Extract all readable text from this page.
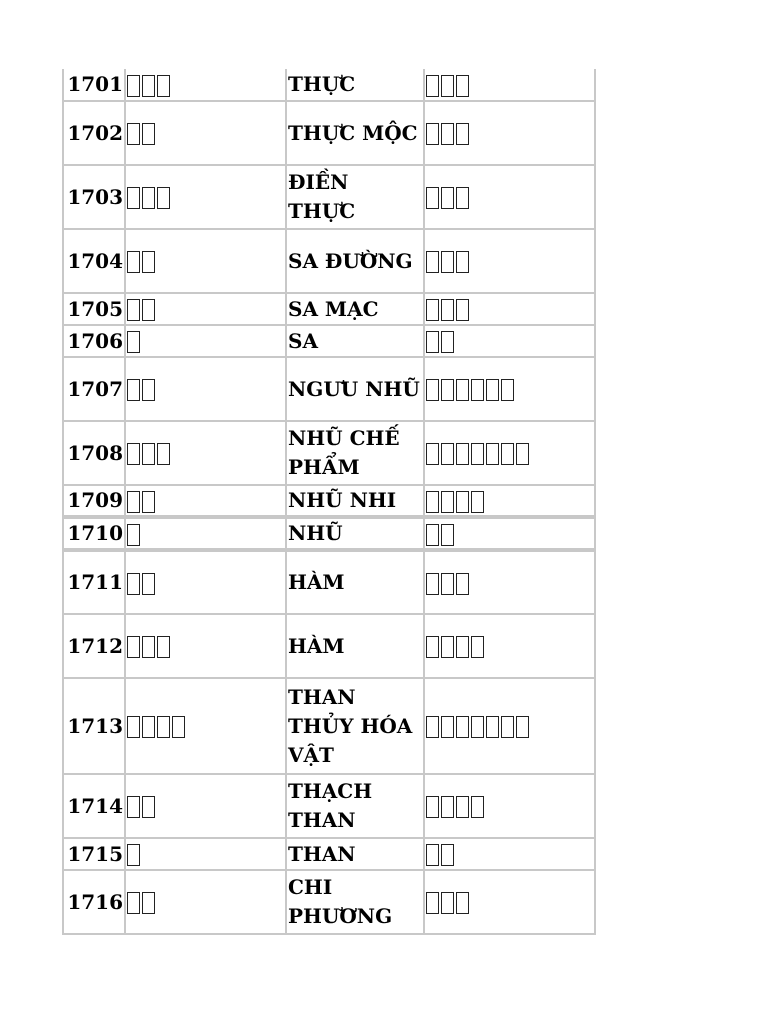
1701		THỰC	
1702		THỰC MỘC	
1703		ĐIỀN THỰC	
1704		SA ĐƯỜNG	
1705		SA MẠC	
1706		SA	
1707		NGƯU NHŨ	
1708		NHŨ CHẾ PHẨM	
1709		NHŨ NHI	
1710		NHŨ	
1711		HÀM	
1712		HÀM	
1713		THAN THỦY HÓA VẬT	
1714		THẠCH THAN	
1715		THAN	
1716		CHI PHƯƠNG	
